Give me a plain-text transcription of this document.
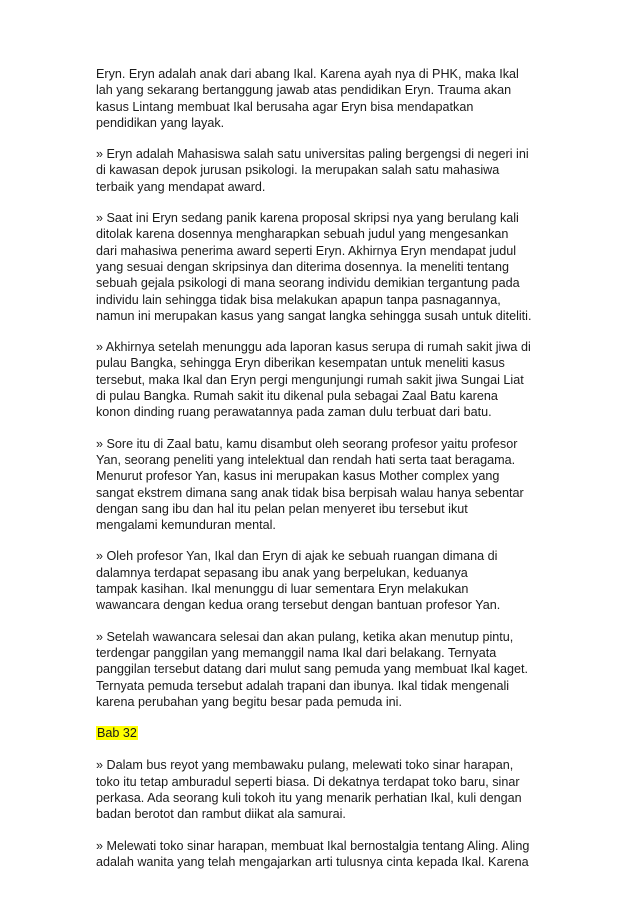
Eryn. Eryn adalah anak dari abang Ikal. Karena ayah nya di PHK, maka Ikal
lah yang sekarang bertanggung jawab atas pendidikan Eryn. Trauma akan
kasus Lintang membuat Ikal berusaha agar Eryn bisa mendapatkan
pendidikan yang layak.

» Eryn adalah Mahasiswa salah satu universitas paling bergengsi di negeri ini
di kawasan depok jurusan psikologi. Ia merupakan salah satu mahasiwa
terbaik yang mendapat award.

» Saat ini Eryn sedang panik karena proposal skripsi nya yang berulang kali
ditolak karena dosennya mengharapkan sebuah judul yang mengesankan
dari mahasiwa penerima award seperti Eryn. Akhirnya Eryn mendapat judul
yang sesuai dengan skripsinya dan diterima dosennya. Ia meneliti tentang
sebuah gejala psikologi di mana seorang individu demikian tergantung pada
individu lain sehingga tidak bisa melakukan apapun tanpa pasnagannya,
namun ini merupakan kasus yang sangat langka sehingga susah untuk diteliti.

» Akhirnya setelah menunggu ada laporan kasus serupa di rumah sakit jiwa di
pulau Bangka, sehingga Eryn diberikan kesempatan untuk meneliti kasus
tersebut, maka Ikal dan Eryn pergi mengunjungi rumah sakit jiwa Sungai Liat
di pulau Bangka. Rumah sakit itu dikenal pula sebagai Zaal Batu karena
konon dinding ruang perawatannya pada zaman dulu terbuat dari batu.

» Sore itu di Zaal batu, kamu disambut oleh seorang profesor yaitu profesor
Yan, seorang peneliti yang intelektual dan rendah hati serta taat beragama.
Menurut profesor Yan, kasus ini merupakan kasus Mother complex yang
sangat ekstrem dimana sang anak tidak bisa berpisah walau hanya sebentar
dengan sang ibu dan hal itu pelan pelan menyeret ibu tersebut ikut
mengalami kemunduran mental.

» Oleh profesor Yan, Ikal dan Eryn di ajak ke sebuah ruangan dimana di
dalamnya terdapat sepasang ibu anak yang berpelukan, keduanya
tampak kasihan. Ikal menunggu di luar sementara Eryn melakukan
wawancara dengan kedua orang tersebut dengan bantuan profesor Yan.

» Setelah wawancara selesai dan akan pulang, ketika akan menutup pintu,
terdengar panggilan yang memanggil nama Ikal dari belakang. Ternyata
panggilan tersebut datang dari mulut sang pemuda yang membuat Ikal kaget.
Ternyata pemuda tersebut adalah trapani dan ibunya. Ikal tidak mengenali
karena perubahan yang begitu besar pada pemuda ini.

Bab 32

» Dalam bus reyot yang membawaku pulang, melewati toko sinar harapan,
toko itu tetap amburadul seperti biasa. Di dekatnya terdapat toko baru, sinar
perkasa. Ada seorang kuli tokoh itu yang menarik perhatian Ikal, kuli dengan
badan berotot dan rambut diikat ala samurai.

» Melewati toko sinar harapan, membuat Ikal bernostalgia tentang Aling. Aling
adalah wanita yang telah mengajarkan arti tulusnya cinta kepada Ikal. Karena
